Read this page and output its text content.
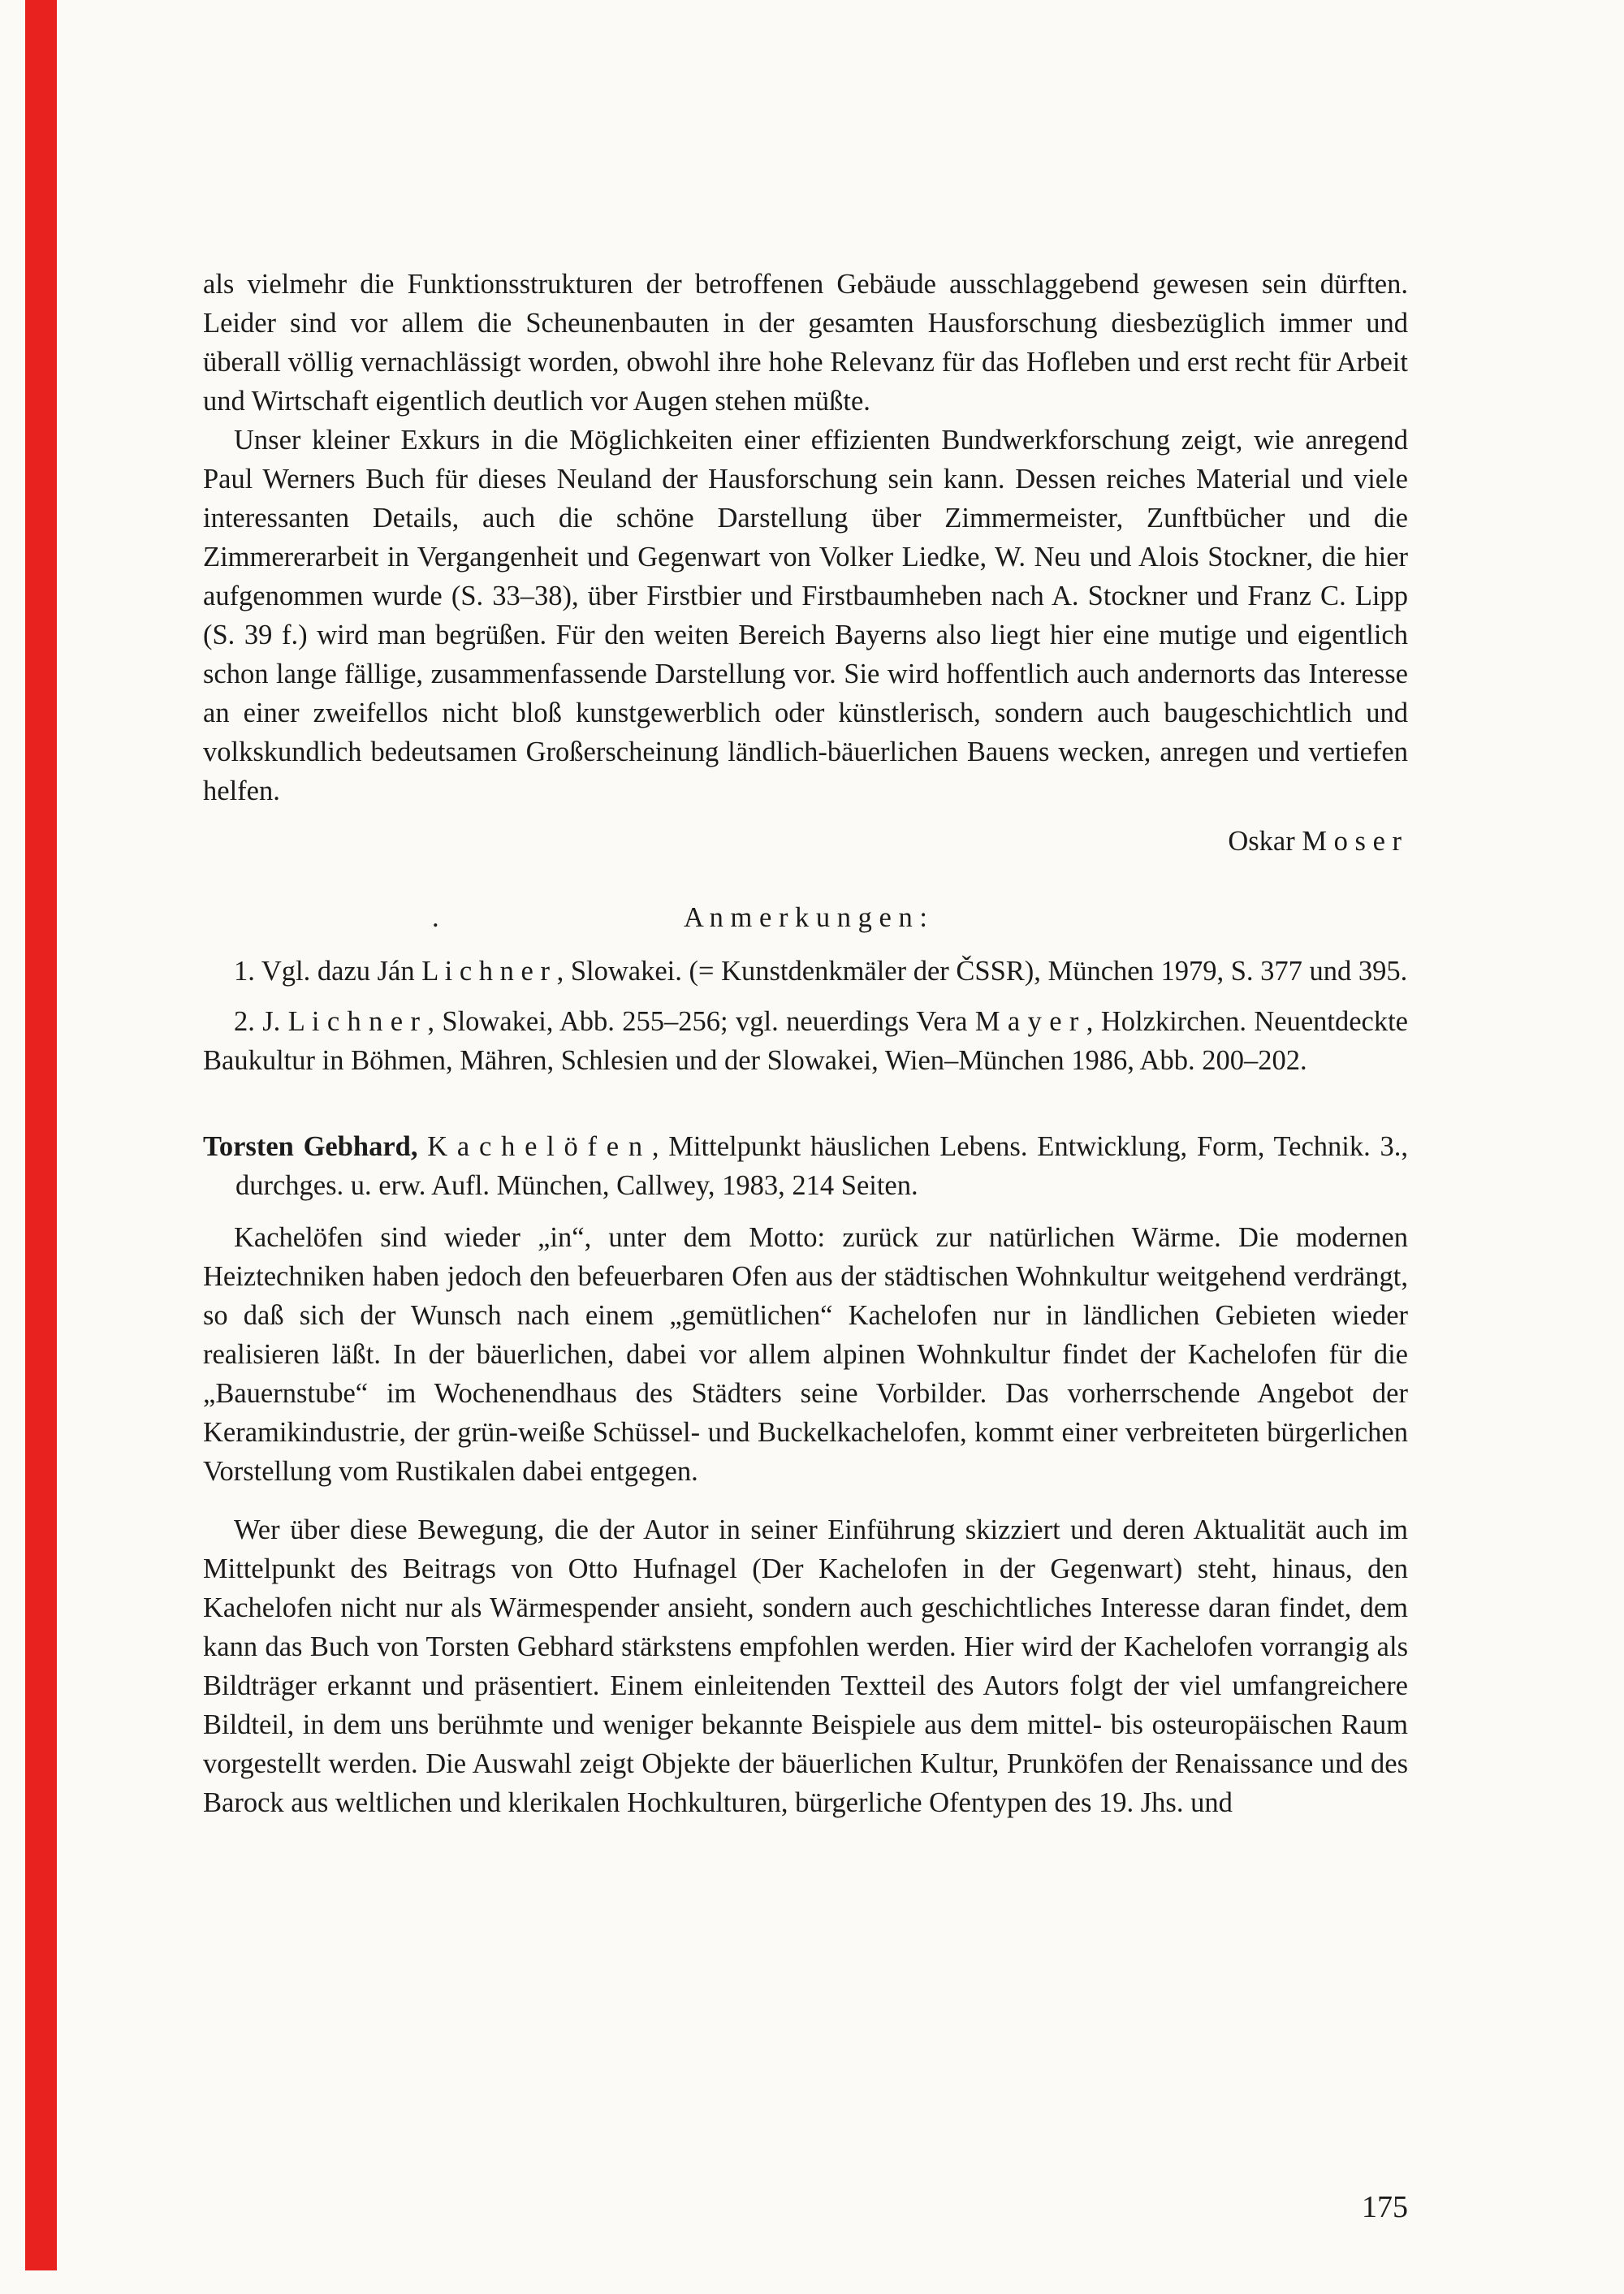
als vielmehr die Funktionsstrukturen der betroffenen Gebäude ausschlaggebend gewesen sein dürften. Leider sind vor allem die Scheunenbauten in der gesamten Hausforschung diesbezüglich immer und überall völlig vernachlässigt worden, obwohl ihre hohe Relevanz für das Hofleben und erst recht für Arbeit und Wirtschaft eigentlich deutlich vor Augen stehen müßte.

Unser kleiner Exkurs in die Möglichkeiten einer effizienten Bundwerkforschung zeigt, wie anregend Paul Werners Buch für dieses Neuland der Hausforschung sein kann. Dessen reiches Material und viele interessanten Details, auch die schöne Darstellung über Zimmermeister, Zunftbücher und die Zimmererarbeit in Vergangenheit und Gegenwart von Volker Liedke, W. Neu und Alois Stockner, die hier aufgenommen wurde (S. 33–38), über Firstbier und Firstbaumheben nach A. Stockner und Franz C. Lipp (S. 39 f.) wird man begrüßen. Für den weiten Bereich Bayerns also liegt hier eine mutige und eigentlich schon lange fällige, zusammenfassende Darstellung vor. Sie wird hoffentlich auch andernorts das Interesse an einer zweifellos nicht bloß kunstgewerblich oder künstlerisch, sondern auch baugeschichtlich und volkskundlich bedeutsamen Großerscheinung ländlich-bäuerlichen Bauens wecken, anregen und vertiefen helfen.

Oskar M o s e r

.	A n m e r k u n g e n :

1. Vgl. dazu Ján L i c h n e r , Slowakei. (= Kunstdenkmäler der ČSSR), München 1979, S. 377 und 395.

2. J. L i c h n e r , Slowakei, Abb. 255–256; vgl. neuerdings Vera M a y e r , Holzkirchen. Neuentdeckte Baukultur in Böhmen, Mähren, Schlesien und der Slowakei, Wien–München 1986, Abb. 200–202.

Torsten Gebhard, K a c h e l ö f e n , Mittelpunkt häuslichen Lebens. Entwicklung, Form, Technik. 3., durchges. u. erw. Aufl. München, Callwey, 1983, 214 Seiten.

Kachelöfen sind wieder „in“, unter dem Motto: zurück zur natürlichen Wärme. Die modernen Heiztechniken haben jedoch den befeuerbaren Ofen aus der städtischen Wohnkultur weitgehend verdrängt, so daß sich der Wunsch nach einem „gemütlichen“ Kachelofen nur in ländlichen Gebieten wieder realisieren läßt. In der bäuerlichen, dabei vor allem alpinen Wohnkultur findet der Kachelofen für die „Bauernstube“ im Wochenendhaus des Städters seine Vorbilder. Das vorherrschende Angebot der Keramikindustrie, der grün-weiße Schüssel- und Buckelkachelofen, kommt einer verbreiteten bürgerlichen Vorstellung vom Rustikalen dabei entgegen.

Wer über diese Bewegung, die der Autor in seiner Einführung skizziert und deren Aktualität auch im Mittelpunkt des Beitrags von Otto Hufnagel (Der Kachelofen in der Gegenwart) steht, hinaus, den Kachelofen nicht nur als Wärmespender ansieht, sondern auch geschichtliches Interesse daran findet, dem kann das Buch von Torsten Gebhard stärkstens empfohlen werden. Hier wird der Kachelofen vorrangig als Bildträger erkannt und präsentiert. Einem einleitenden Textteil des Autors folgt der viel umfangreichere Bildteil, in dem uns berühmte und weniger bekannte Beispiele aus dem mittel- bis osteuropäischen Raum vorgestellt werden. Die Auswahl zeigt Objekte der bäuerlichen Kultur, Prunköfen der Renaissance und des Barock aus weltlichen und klerikalen Hochkulturen, bürgerliche Ofentypen des 19. Jhs. und

175
